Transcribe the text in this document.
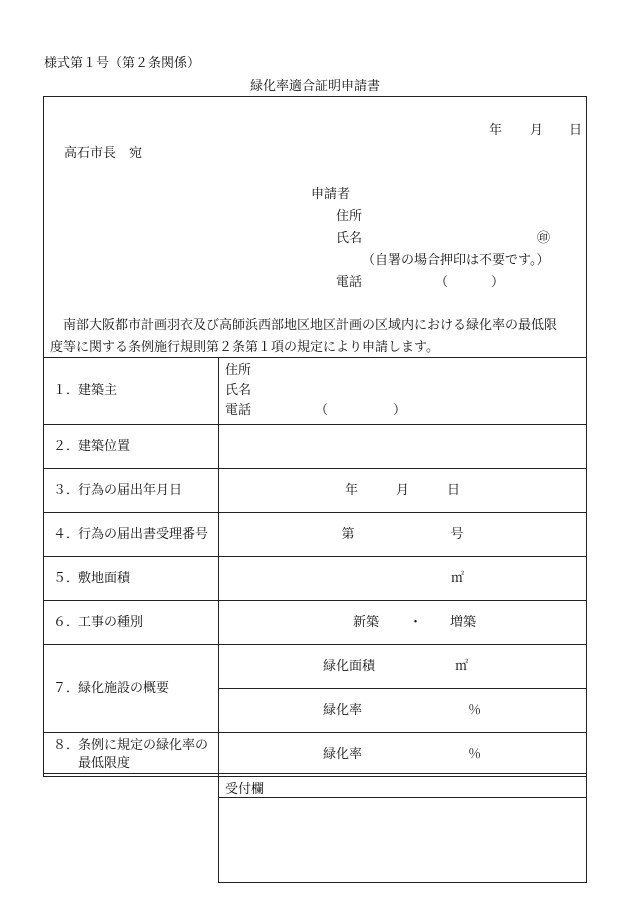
様式第１号（第２条関係）
緑化率適合証明申請書
年 月 日
高石市長　宛
申請者
住所
氏名	㊞
（自署の場合押印は不要です。）
電話	（	）
　南部大阪都市計画羽衣及び高師浜西部地区地区計画の区域内における緑化率の最低限
度等に関する条例施行規則第２条第１項の規定により申請します。
１．建築主	住所
氏名
電話 （　　　　　）

２．建築位置	
３．行為の届出年月日	年 月 日
４．行為の届出書受理番号	第 号
５．敷地面積	㎡
６．工事の種別	新築 ・ 増築
７．緑化施設の概要	緑化面積 ㎡
	緑化率 ％
８．
条例に規定の緑化率の
最低限度	緑化率 ％
受付欄
